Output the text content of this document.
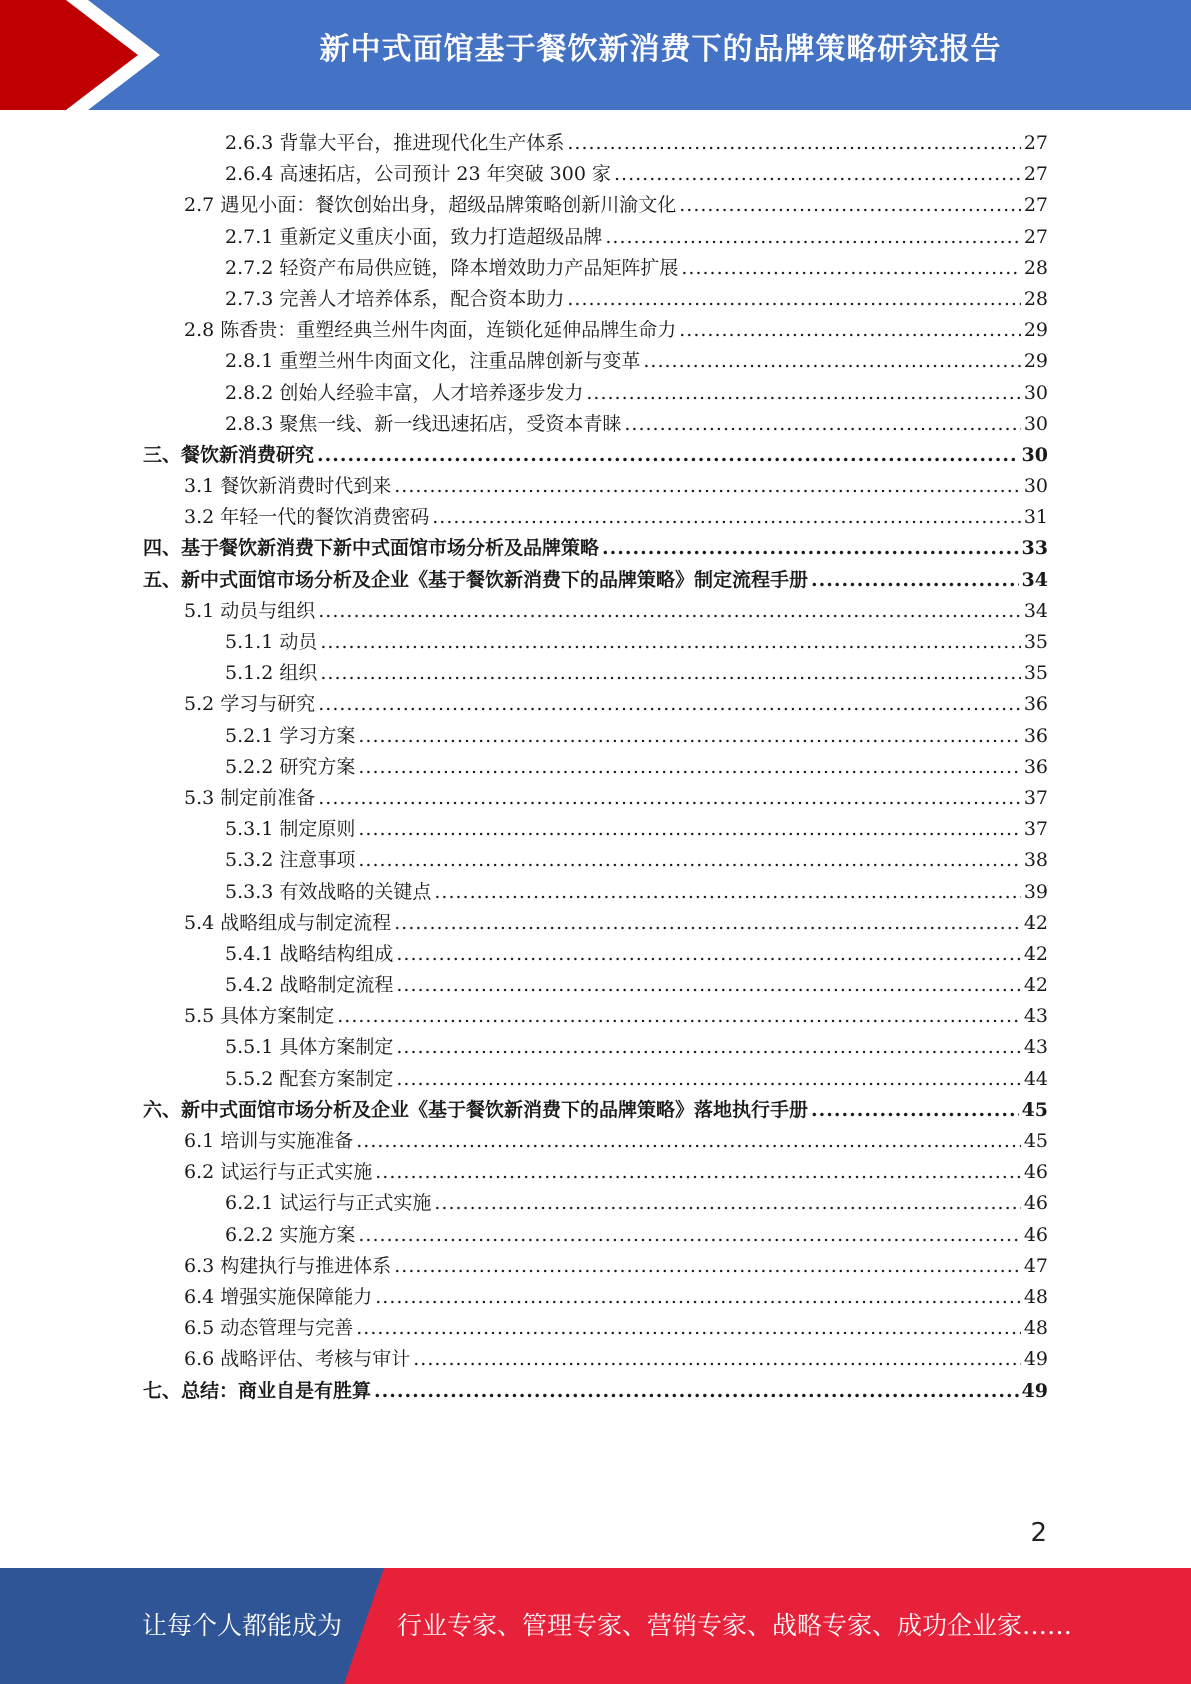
新中式面馆基于餐饮新消费下的品牌策略研究报告
2.6.3 背靠大平台，推进现代化生产体系 .....	27
2.6.4 高速拓店，公司预计 23 年突破 300 家 .....	27
2.7 遇见小面：餐饮创始出身，超级品牌策略创新川渝文化 .....	27
2.7.1 重新定义重庆小面，致力打造超级品牌 .....	27
2.7.2 轻资产布局供应链，降本增效助力产品矩阵扩展 .....	28
2.7.3 完善人才培养体系，配合资本助力 .....	28
2.8 陈香贵：重塑经典兰州牛肉面，连锁化延伸品牌生命力 .....	29
2.8.1 重塑兰州牛肉面文化，注重品牌创新与变革 .....	29
2.8.2 创始人经验丰富，人才培养逐步发力 .....	30
2.8.3 聚焦一线、新一线迅速拓店，受资本青睐 .....	30
三、餐饮新消费研究 .....	30
3.1 餐饮新消费时代到来 .....	30
3.2 年轻一代的餐饮消费密码 .....	31
四、基于餐饮新消费下新中式面馆市场分析及品牌策略 .....	33
五、新中式面馆市场分析及企业《基于餐饮新消费下的品牌策略》制定流程手册 .....	34
5.1 动员与组织 .....	34
5.1.1 动员 .....	35
5.1.2 组织 .....	35
5.2 学习与研究 .....	36
5.2.1 学习方案 .....	36
5.2.2 研究方案 .....	36
5.3 制定前准备 .....	37
5.3.1 制定原则 .....	37
5.3.2 注意事项 .....	38
5.3.3 有效战略的关键点 .....	39
5.4 战略组成与制定流程 .....	42
5.4.1 战略结构组成 .....	42
5.4.2 战略制定流程 .....	42
5.5 具体方案制定 .....	43
5.5.1 具体方案制定 .....	43
5.5.2 配套方案制定 .....	44
六、新中式面馆市场分析及企业《基于餐饮新消费下的品牌策略》落地执行手册 .....	45
6.1 培训与实施准备 .....	45
6.2 试运行与正式实施 .....	46
6.2.1 试运行与正式实施 .....	46
6.2.2 实施方案 .....	46
6.3 构建执行与推进体系 .....	47
6.4 增强实施保障能力 .....	48
6.5 动态管理与完善 .....	48
6.6 战略评估、考核与审计 .....	49
七、总结：商业自是有胜算 .....	49
2
让每个人都能成为 行业专家、管理专家、营销专家、战略专家、成功企业家……
